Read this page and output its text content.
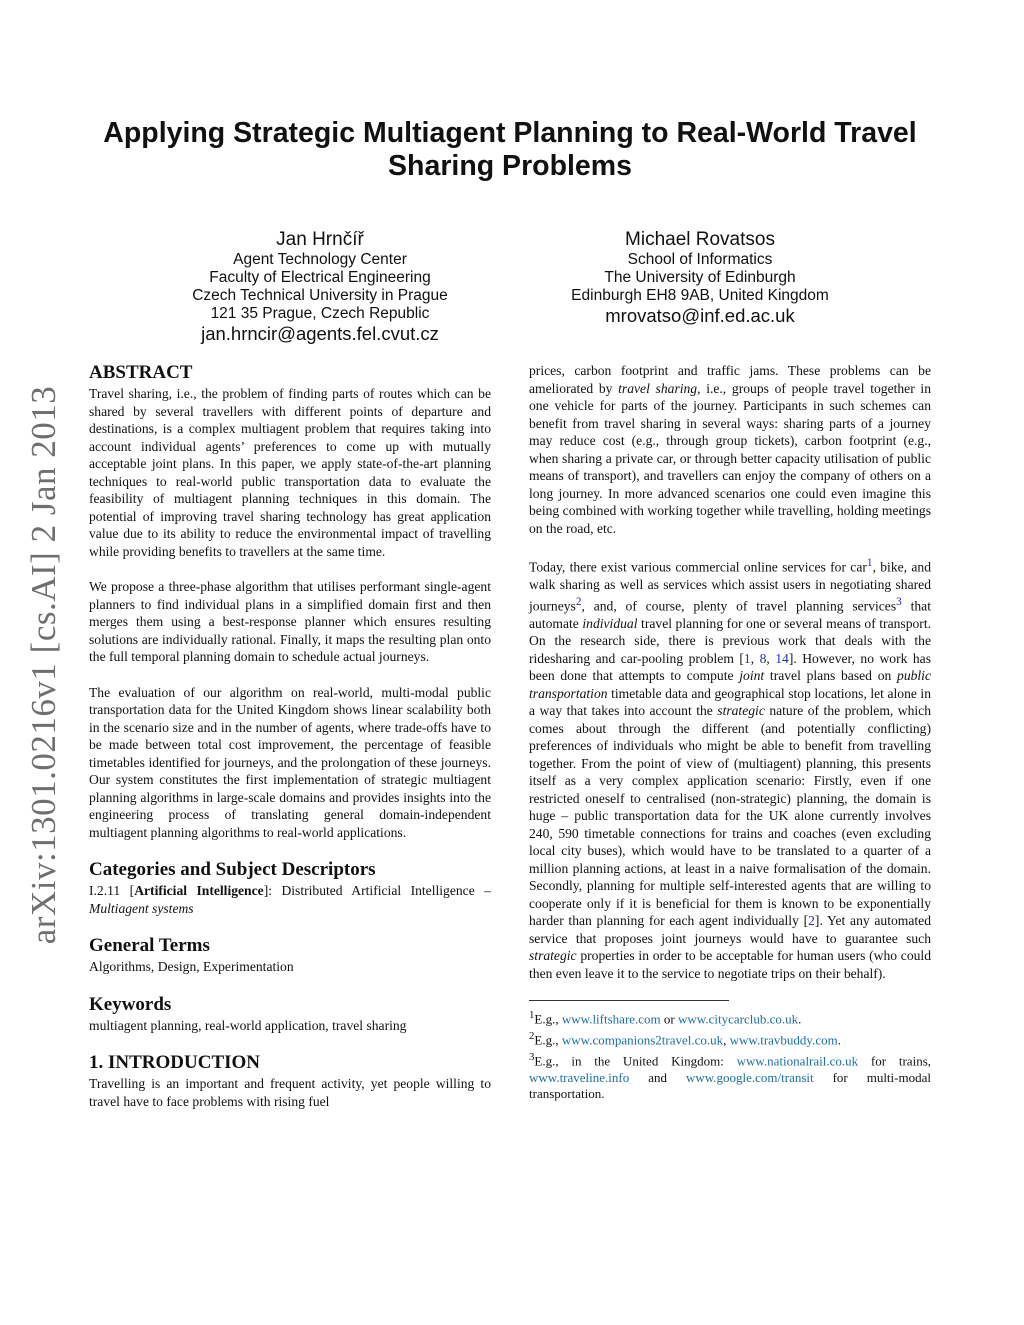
arXiv:1301.0216v1 [cs.AI] 2 Jan 2013
Applying Strategic Multiagent Planning to Real-World Travel Sharing Problems
Jan Hrnčíř
Agent Technology Center
Faculty of Electrical Engineering
Czech Technical University in Prague
121 35 Prague, Czech Republic
jan.hrncir@agents.fel.cvut.cz
Michael Rovatsos
School of Informatics
The University of Edinburgh
Edinburgh EH8 9AB, United Kingdom
mrovatso@inf.ed.ac.uk
ABSTRACT

Travel sharing, i.e., the problem of finding parts of routes which can be shared by several travellers with different points of departure and destinations, is a complex multiagent problem that requires taking into account individual agents’ preferences to come up with mutually acceptable joint plans. In this paper, we apply state-of-the-art planning techniques to real-world public transportation data to evaluate the feasibility of multiagent planning techniques in this domain. The potential of improving travel sharing technology has great application value due to its ability to reduce the environmental impact of travelling while providing benefits to travellers at the same time.

We propose a three-phase algorithm that utilises performant single-agent planners to find individual plans in a simplified domain first and then merges them using a best-response planner which ensures resulting solutions are individually rational. Finally, it maps the resulting plan onto the full temporal planning domain to schedule actual journeys.

The evaluation of our algorithm on real-world, multi-modal public transportation data for the United Kingdom shows linear scalability both in the scenario size and in the number of agents, where trade-offs have to be made between total cost improvement, the percentage of feasible timetables identified for journeys, and the prolongation of these journeys. Our system constitutes the first implementation of strategic multiagent planning algorithms in large-scale domains and provides insights into the engineering process of translating general domain-independent multiagent planning algorithms to real-world applications.

Categories and Subject Descriptors

I.2.11 [Artificial Intelligence]: Distributed Artificial Intelligence – Multiagent systems

General Terms
Algorithms, Design, Experimentation
Keywords
multiagent planning, real-world application, travel sharing
1. INTRODUCTION

Travelling is an important and frequent activity, yet people willing to travel have to face problems with rising fuel

prices, carbon footprint and traffic jams. These problems can be ameliorated by travel sharing, i.e., groups of people travel together in one vehicle for parts of the journey. Participants in such schemes can benefit from travel sharing in several ways: sharing parts of a journey may reduce cost (e.g., through group tickets), carbon footprint (e.g., when sharing a private car, or through better capacity utilisation of public means of transport), and travellers can enjoy the company of others on a long journey. In more advanced scenarios one could even imagine this being combined with working together while travelling, holding meetings on the road, etc.

Today, there exist various commercial online services for car$^1$, bike, and walk sharing as well as services which assist users in negotiating shared journeys$^2$, and, of course, plenty of travel planning services$^3$ that automate individual travel planning for one or several means of transport. On the research side, there is previous work that deals with the ridesharing and car-pooling problem [1, 8, 14]. However, no work has been done that attempts to compute joint travel plans based on public transportation timetable data and geographical stop locations, let alone in a way that takes into account the strategic nature of the problem, which comes about through the different (and potentially conflicting) preferences of individuals who might be able to benefit from travelling together. From the point of view of (multiagent) planning, this presents itself as a very complex application scenario: Firstly, even if one restricted oneself to centralised (non-strategic) planning, the domain is huge – public transportation data for the UK alone currently involves 240, 590 timetable connections for trains and coaches (even excluding local city buses), which would have to be translated to a quarter of a million planning actions, at least in a naive formalisation of the domain. Secondly, planning for multiple self-interested agents that are willing to cooperate only if it is beneficial for them is known to be exponentially harder than planning for each agent individually [2]. Yet any automated service that proposes joint journeys would have to guarantee such strategic properties in order to be acceptable for human users (who could then even leave it to the service to negotiate trips on their behalf).

$^1$E.g., www.liftshare.com or www.citycarclub.co.uk.
$^2$E.g., www.companions2travel.co.uk, www.travbuddy.com.
$^3$E.g., in the United Kingdom: www.nationalrail.co.uk for trains, www.traveline.info and www.google.com/transit for multi-modal transportation.
